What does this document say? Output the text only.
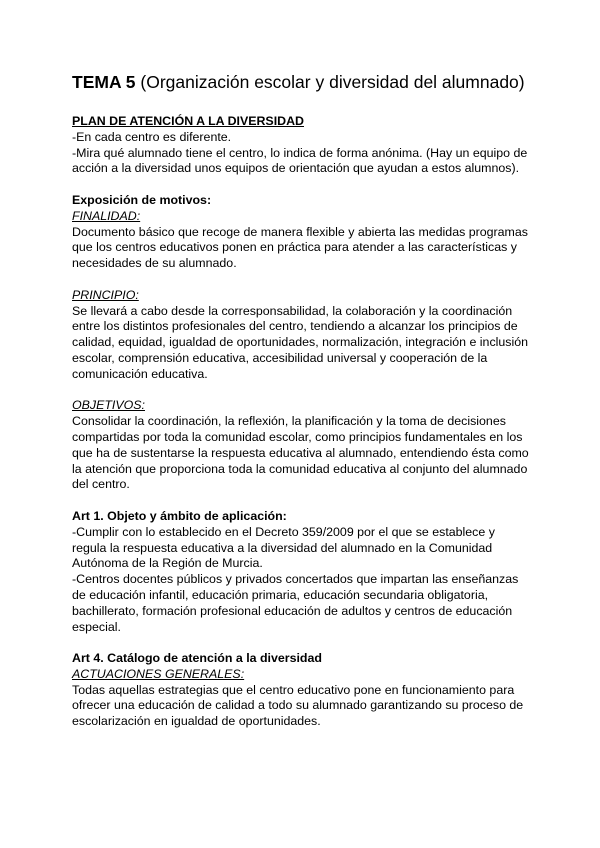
TEMA 5 (Organización escolar y diversidad del alumnado)

PLAN DE ATENCIÓN A LA DIVERSIDAD

-En cada centro es diferente.

-Mira qué alumnado tiene el centro, lo indica de forma anónima. (Hay un equipo de acción a la diversidad unos equipos de orientación que ayudan a estos alumnos).

Exposición de motivos:

FINALIDAD:

Documento básico que recoge de manera flexible y abierta las medidas programas que los centros educativos ponen en práctica para atender a las características y necesidades de su alumnado.

PRINCIPIO:

Se llevará a cabo desde la corresponsabilidad, la colaboración y la coordinación entre los distintos profesionales del centro, tendiendo a alcanzar los principios de calidad, equidad, igualdad de oportunidades, normalización, integración e inclusión escolar, comprensión educativa, accesibilidad universal y cooperación de la comunicación educativa.

OBJETIVOS:

Consolidar la coordinación, la reflexión, la planificación y la toma de decisiones compartidas por toda la comunidad escolar, como principios fundamentales en los que ha de sustentarse la respuesta educativa al alumnado, entendiendo ésta como la atención que proporciona toda la comunidad educativa al conjunto del alumnado del centro.

Art 1. Objeto y ámbito de aplicación:

-Cumplir con lo establecido en el Decreto 359/2009 por el que se establece y regula la respuesta educativa a la diversidad del alumnado en la Comunidad Autónoma de la Región de Murcia.

-Centros docentes públicos y privados concertados que impartan las enseñanzas de educación infantil, educación primaria, educación secundaria obligatoria, bachillerato, formación profesional educación de adultos y centros de educación especial.

Art 4. Catálogo de atención a la diversidad

ACTUACIONES GENERALES:

Todas aquellas estrategias que el centro educativo pone en funcionamiento para ofrecer una educación de calidad a todo su alumnado garantizando su proceso de escolarización en igualdad de oportunidades.
